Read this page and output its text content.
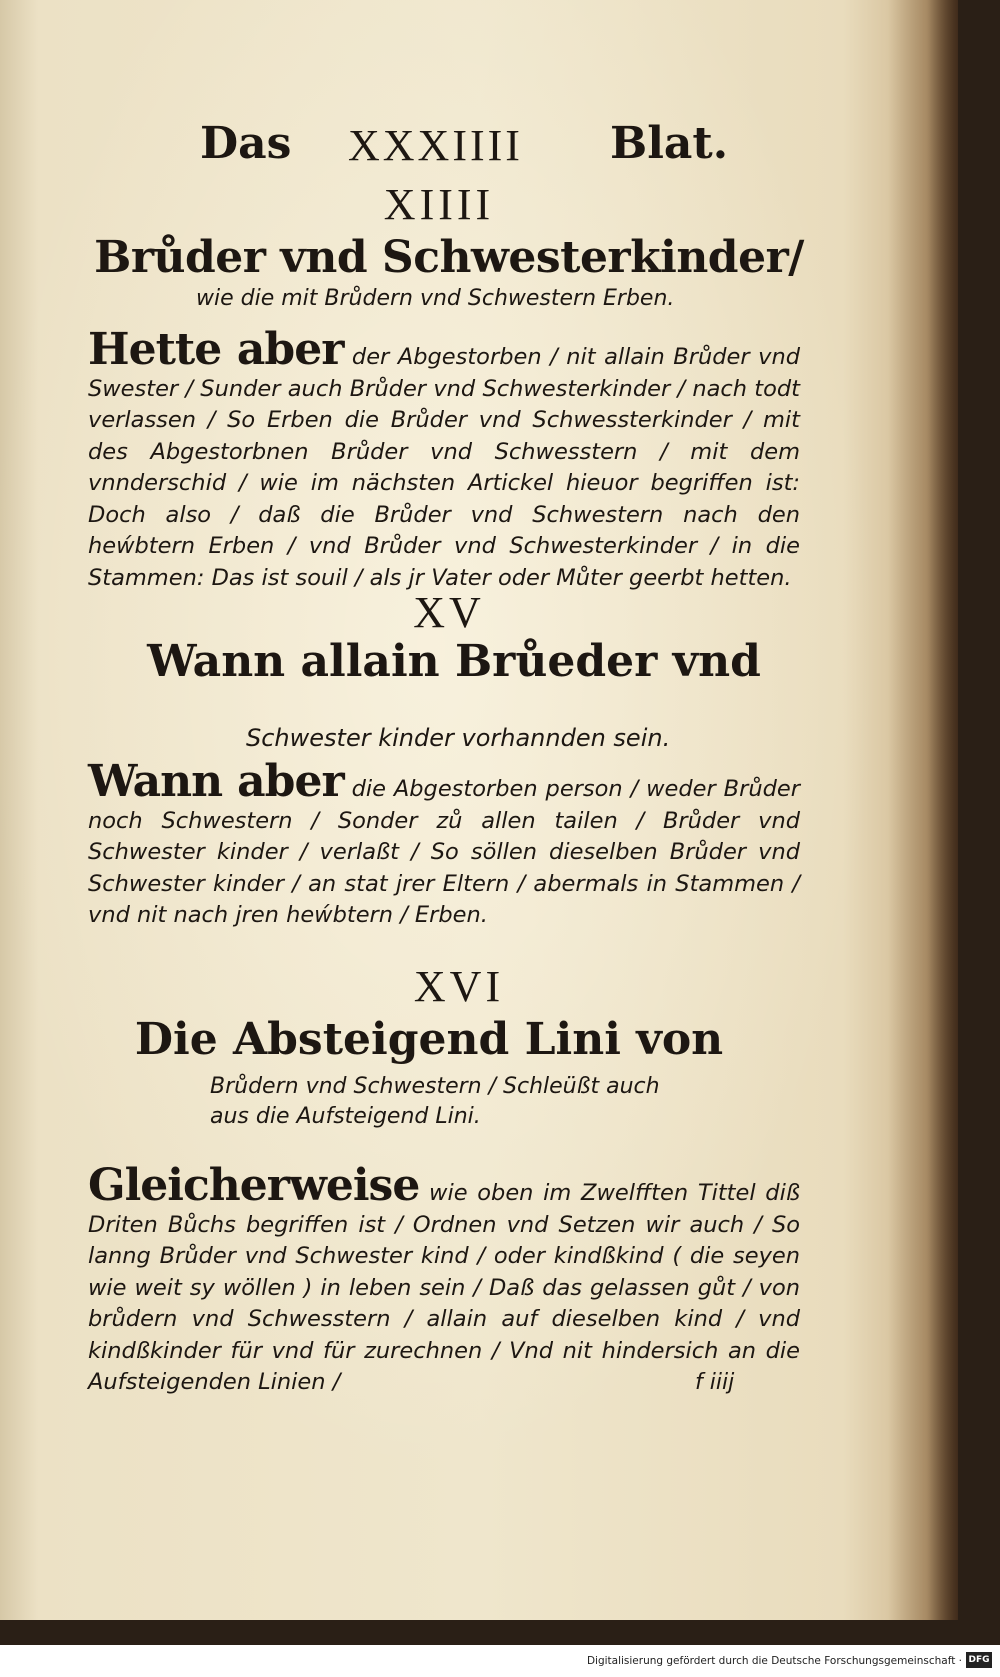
Das XXXIIII Blat.
XIIII
Brůder vnd Schwesterkinder/
wie die mit Brůdern vnd Schwestern Erben.
Hette aber der Abgestorben / nit allain Brůder vnd Swester / Sunder auch Brůder vnd Schwesterkinder / nach todt verlassen / So Erben die Brůder vnd Schwessterkinder / mit des Abgestorbnen Brůder vnd Schwesstern / mit dem vnnderschid / wie im nächsten Artickel hieuor begriffen ist: Doch also / daß die Brůder vnd Schwestern nach den heẃbtern Erben / vnd Brůder vnd Schwesterkinder / in die Stammen: Das ist souil / als jr Vater oder Můter geerbt hetten.
XV
Wann allain Brůeder vnd
Schwester kinder vorhannden sein.
Wann aber die Abgestorben person / weder Brůder noch Schwestern / Sonder zů allen tailen / Brůder vnd Schwester kinder / verlaßt / So söllen dieselben Brůder vnd Schwester kinder / an stat jrer Eltern / abermals in Stammen / vnd nit nach jren heẃbtern / Erben.
XVI
Die Absteigend Lini von
Brůdern vnd Schwestern / Schleüßt auch
aus die Aufsteigend Lini.
Gleicherweise wie oben im Zwelfften Tittel diß Driten Bůchs begriffen ist / Ordnen vnd Setzen wir auch / So lanng Brůder vnd Schwester kind / oder kindßkind ( die seyen wie weit sy wöllen ) in leben sein / Daß das gelassen gůt / von brůdern vnd Schwesstern / allain auf dieselben kind / vnd kindßkinder für vnd für zurechnen / Vnd nit hindersich an die Aufsteigenden Linien /	f iiij
Digitalisierung gefördert durch die Deutsche Forschungsgemeinschaft · DFG
